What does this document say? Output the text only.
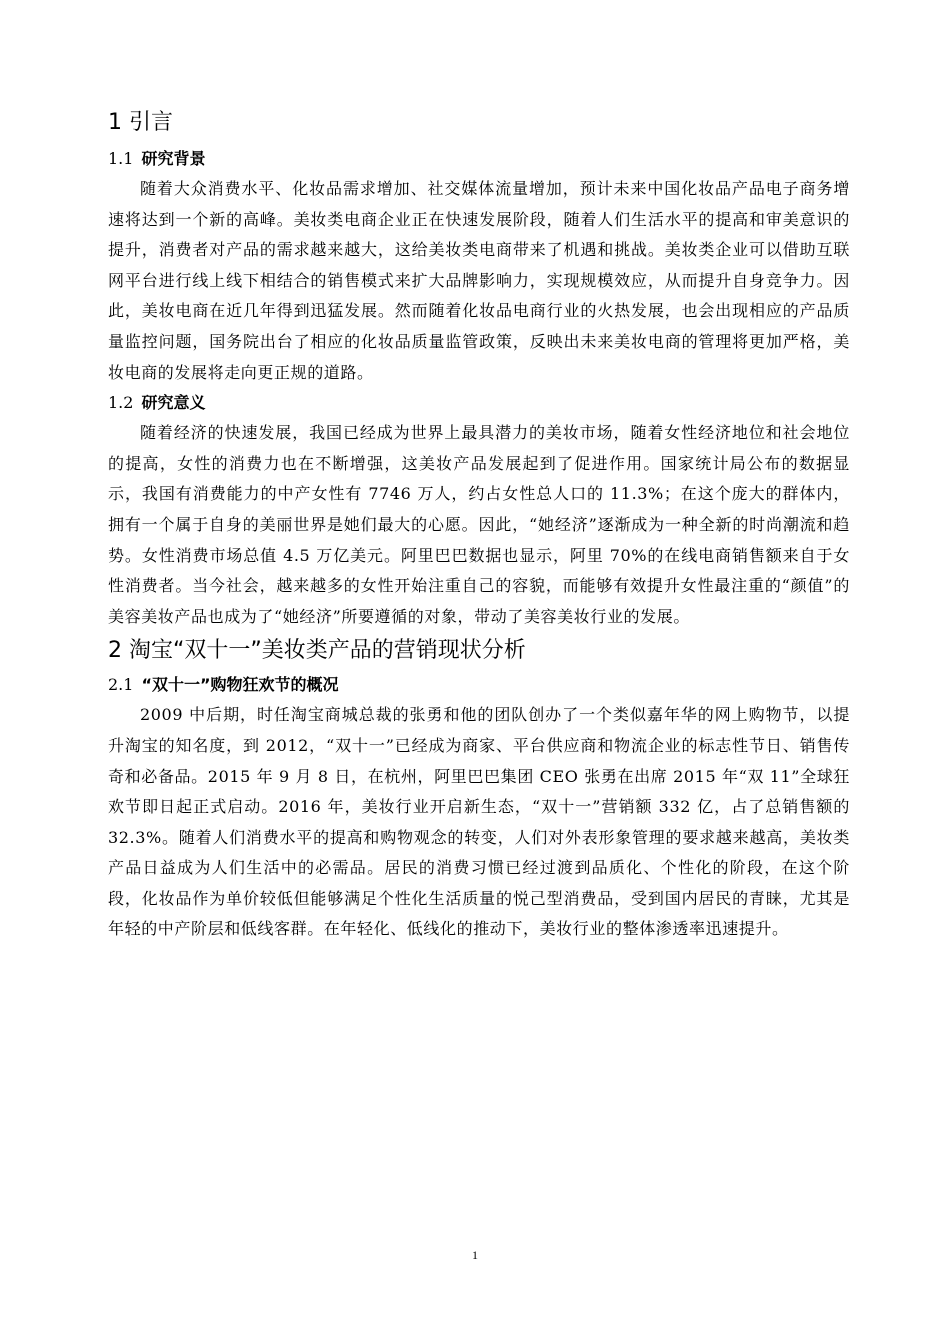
1 引言
1.1 研究背景

随着大众消费水平、化妆品需求增加、社交媒体流量增加，预计未来中国化妆品产品电子商务增速将达到一个新的高峰。美妆类电商企业正在快速发展阶段，随着人们生活水平的提高和审美意识的提升，消费者对产品的需求越来越大，这给美妆类电商带来了机遇和挑战。美妆类企业可以借助互联网平台进行线上线下相结合的销售模式来扩大品牌影响力，实现规模效应，从而提升自身竞争力。因此，美妆电商在近几年得到迅猛发展。然而随着化妆品电商行业的火热发展，也会出现相应的产品质量监控问题，国务院出台了相应的化妆品质量监管政策，反映出未来美妆电商的管理将更加严格，美妆电商的发展将走向更正规的道路。

1.2 研究意义

随着经济的快速发展，我国已经成为世界上最具潜力的美妆市场，随着女性经济地位和社会地位的提高，女性的消费力也在不断增强，这美妆产品发展起到了促进作用。国家统计局公布的数据显示，我国有消费能力的中产女性有 7746 万人，约占女性总人口的 11.3%；在这个庞大的群体内，拥有一个属于自身的美丽世界是她们最大的心愿。因此，“她经济”逐渐成为一种全新的时尚潮流和趋势。女性消费市场总值 4.5 万亿美元。阿里巴巴数据也显示，阿里 70%的在线电商销售额来自于女性消费者。当今社会，越来越多的女性开始注重自己的容貌，而能够有效提升女性最注重的“颜值”的美容美妆产品也成为了“她经济”所要遵循的对象，带动了美容美妆行业的发展。

2 淘宝“双十一”美妆类产品的营销现状分析
2.1 “双十一”购物狂欢节的概况

2009 中后期，时任淘宝商城总裁的张勇和他的团队创办了一个类似嘉年华的网上购物节，以提升淘宝的知名度，到 2012，“双十一”已经成为商家、平台供应商和物流企业的标志性节日、销售传奇和必备品。2015 年 9 月 8 日，在杭州，阿里巴巴集团 CEO 张勇在出席 2015 年“双 11”全球狂欢节即日起正式启动。2016 年，美妆行业开启新生态，“双十一”营销额 332 亿，占了总销售额的 32.3%。随着人们消费水平的提高和购物观念的转变，人们对外表形象管理的要求越来越高，美妆类产品日益成为人们生活中的必需品。居民的消费习惯已经过渡到品质化、个性化的阶段，在这个阶段，化妆品作为单价较低但能够满足个性化生活质量的悦己型消费品，受到国内居民的青睐，尤其是年轻的中产阶层和低线客群。在年轻化、低线化的推动下，美妆行业的整体渗透率迅速提升。

1
